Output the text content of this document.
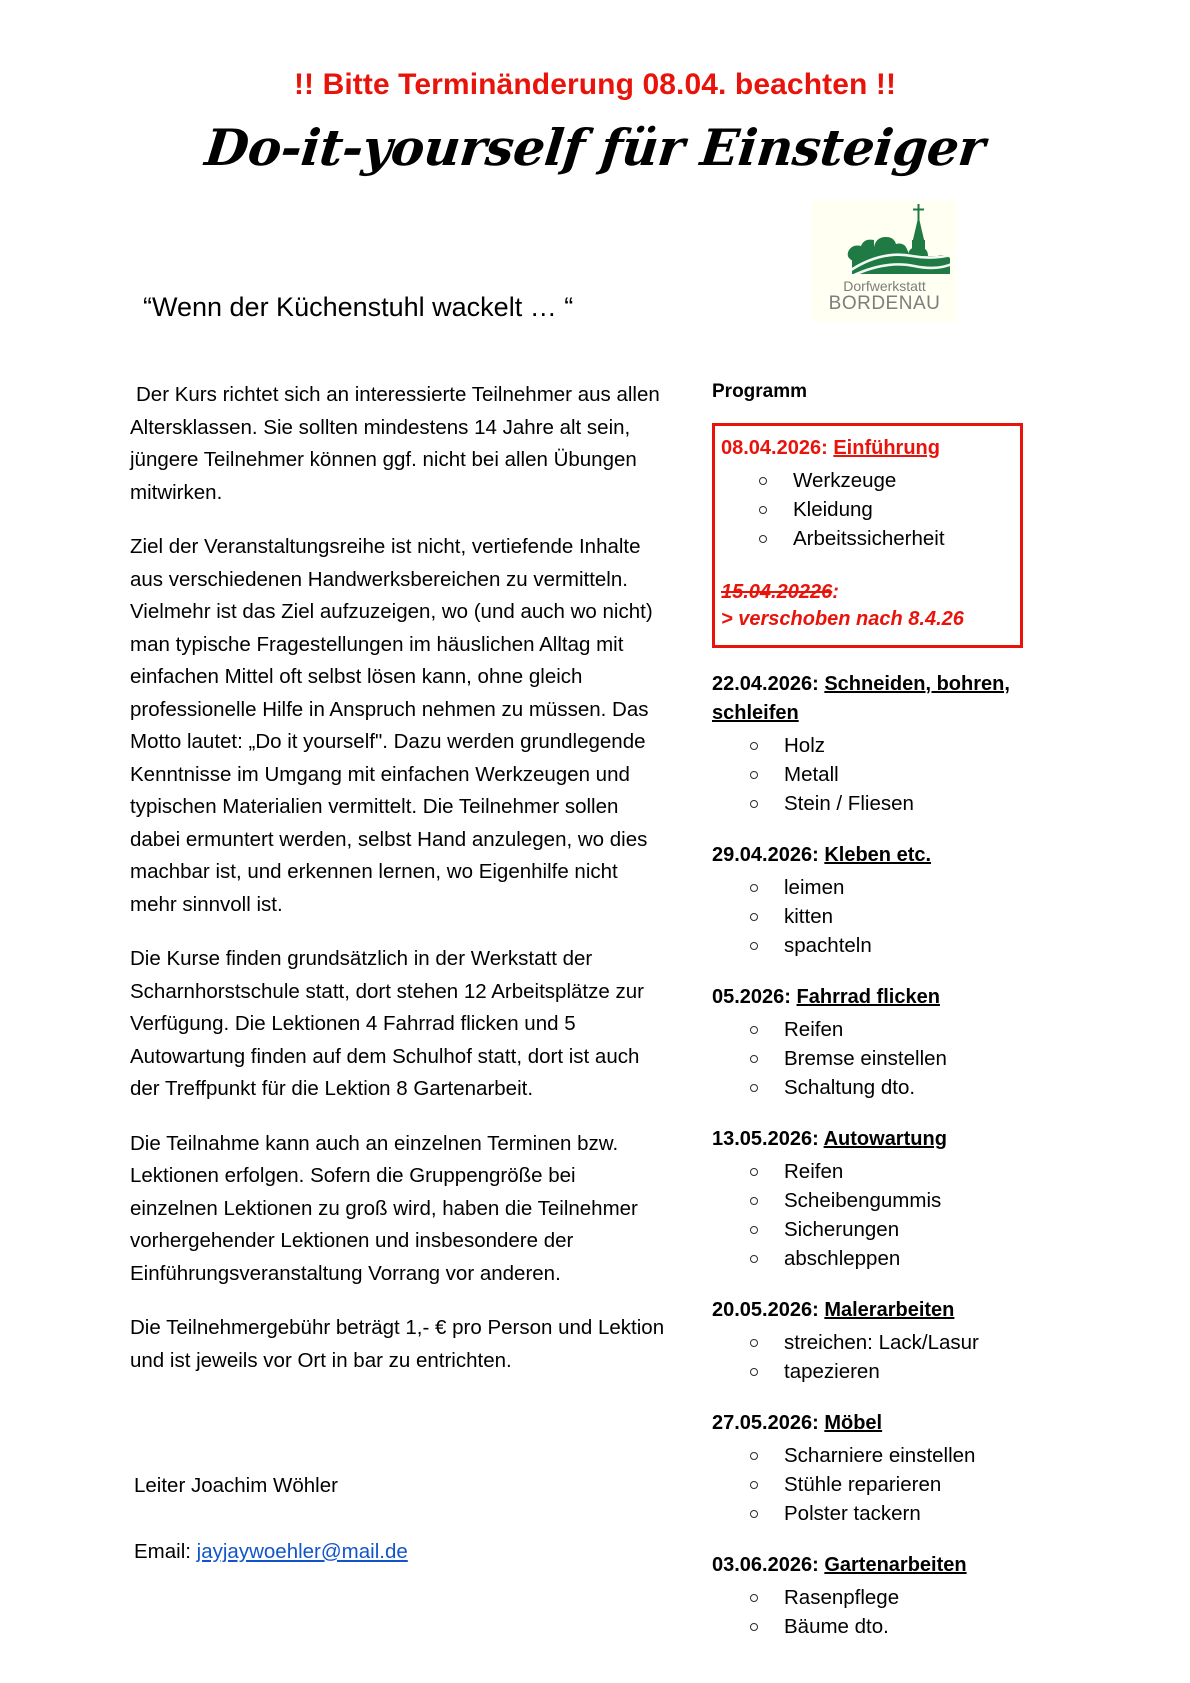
!! Bitte Terminänderung 08.04. beachten !!
Do-it-yourself für Einsteiger
Dorfwerkstatt
BORDENAU
“Wenn der Küchenstuhl wackelt … “

Der Kurs richtet sich an interessierte Teilnehmer aus allen Altersklassen. Sie sollten mindestens 14 Jahre alt sein, jüngere Teilnehmer können ggf. nicht bei allen Übungen mitwirken.

Ziel der Veranstaltungsreihe ist nicht, vertiefende Inhalte aus verschiedenen Handwerksbereichen zu vermitteln. Vielmehr ist das Ziel aufzuzeigen, wo (und auch wo nicht) man typische Fragestellungen im häuslichen Alltag mit einfachen Mittel oft selbst lösen kann, ohne gleich professionelle Hilfe in Anspruch nehmen zu müssen. Das Motto lautet: „Do it yourself". Dazu werden grundlegende Kenntnisse im Umgang mit einfachen Werkzeugen und typischen Materialien vermittelt. Die Teilnehmer sollen dabei ermuntert werden, selbst Hand anzulegen, wo dies machbar ist, und erkennen lernen, wo Eigenhilfe nicht mehr sinnvoll ist.

Die Kurse finden grundsätzlich in der Werkstatt der Scharnhorstschule statt, dort stehen 12 Arbeitsplätze zur Verfügung. Die Lektionen 4 Fahrrad flicken und 5 Autowartung finden auf dem Schulhof statt, dort ist auch der Treffpunkt für die Lektion 8 Gartenarbeit.

Die Teilnahme kann auch an einzelnen Terminen bzw. Lektionen erfolgen. Sofern die Gruppengröße bei einzelnen Lektionen zu groß wird, haben die Teilnehmer vorhergehender Lektionen und insbesondere der Einführungsveranstaltung Vorrang vor anderen.

Die Teilnehmergebühr beträgt 1,- € pro Person und Lektion und ist jeweils vor Ort in bar zu entrichten.

Leiter Joachim Wöhler

Email: jayjaywoehler@mail.de

Programm
08.04.2026: Einführung
Werkzeuge
Kleidung
Arbeitssicherheit
15.04.20226:
> verschoben nach 8.4.26
22.04.2026: Schneiden, bohren, schleifen
Holz
Metall
Stein / Fliesen
29.04.2026: Kleben etc.
leimen
kitten
spachteln
05.2026: Fahrrad flicken
Reifen
Bremse einstellen
Schaltung dto.
13.05.2026: Autowartung
Reifen
Scheibengummis
Sicherungen
abschleppen
20.05.2026: Malerarbeiten
streichen: Lack/Lasur
tapezieren
27.05.2026: Möbel
Scharniere einstellen
Stühle reparieren
Polster tackern
03.06.2026: Gartenarbeiten
Rasenpflege
Bäume dto.
